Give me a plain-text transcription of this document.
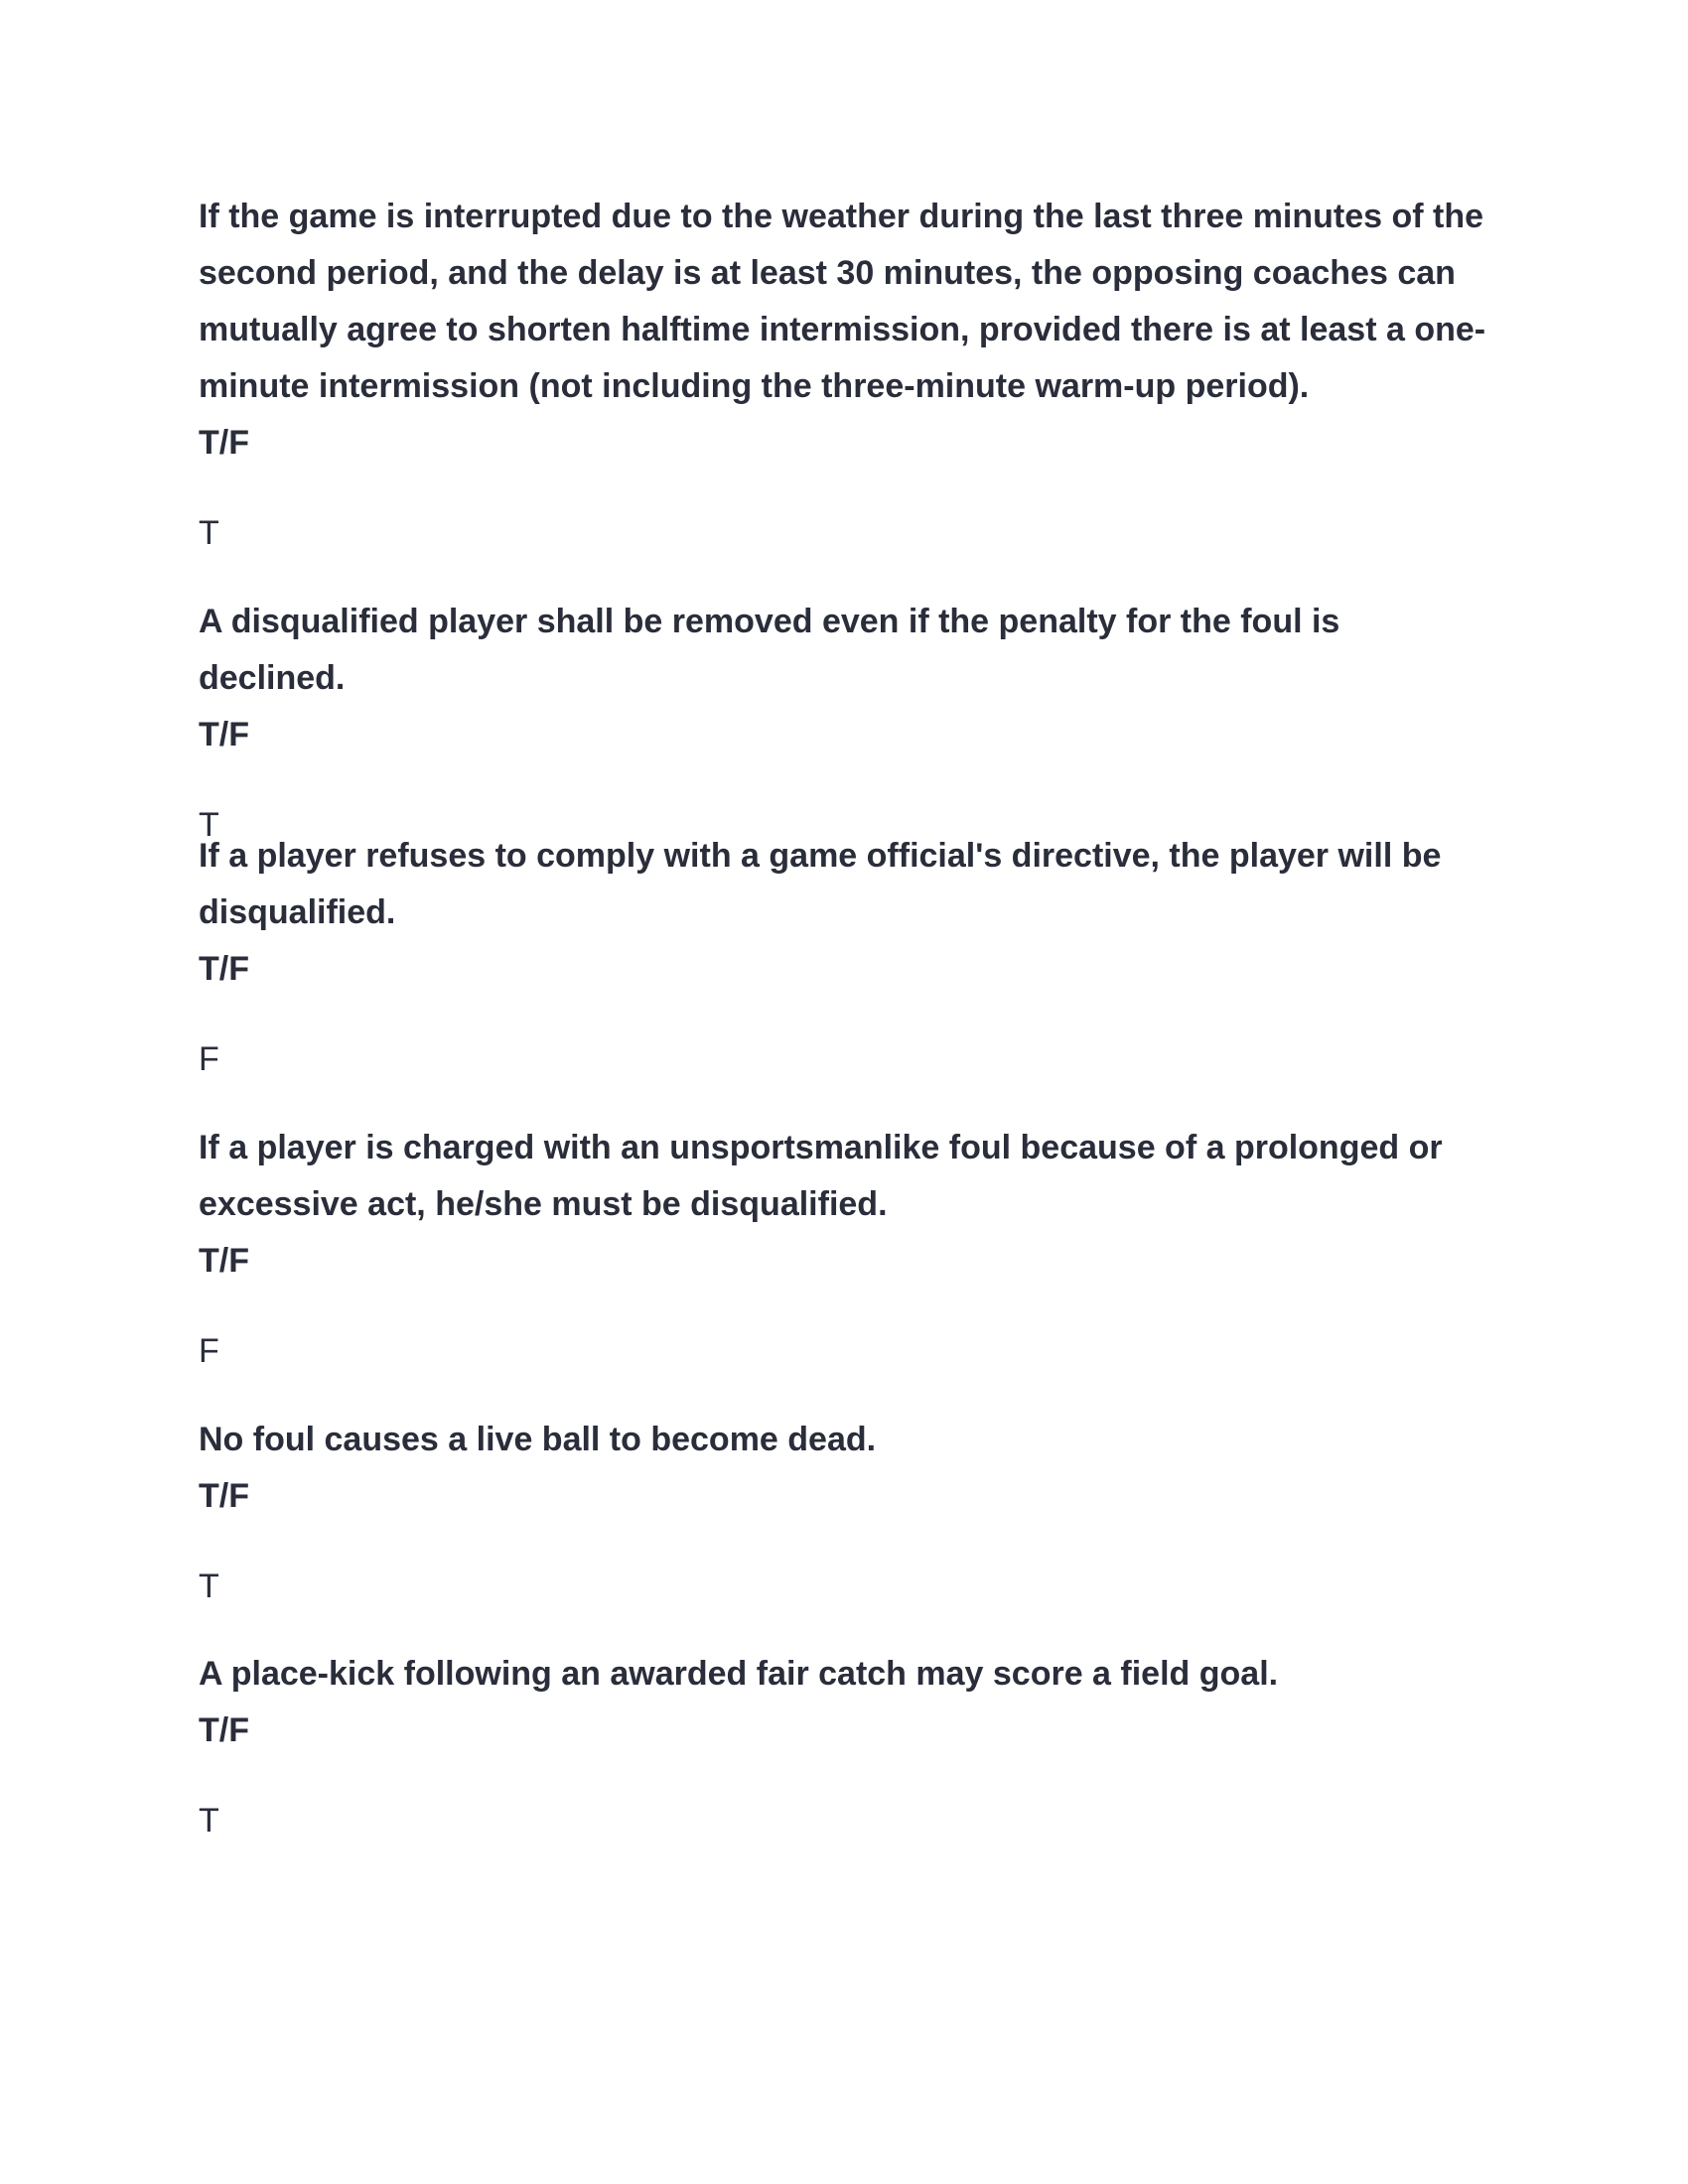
If the game is interrupted due to the weather during the last three minutes of the second period, and the delay is at least 30 minutes, the opposing coaches can mutually agree to shorten halftime intermission, provided there is at least a one-minute intermission (not including the three-minute warm-up period).

T/F

T

A disqualified player shall be removed even if the penalty for the foul is declined.

T/F

T

If a player refuses to comply with a game official's directive, the player will be disqualified.

T/F

F

If a player is charged with an unsportsmanlike foul because of a prolonged or excessive act, he/she must be disqualified.

T/F

F

No foul causes a live ball to become dead.

T/F

T

A place-kick following an awarded fair catch may score a field goal.

T/F

T
